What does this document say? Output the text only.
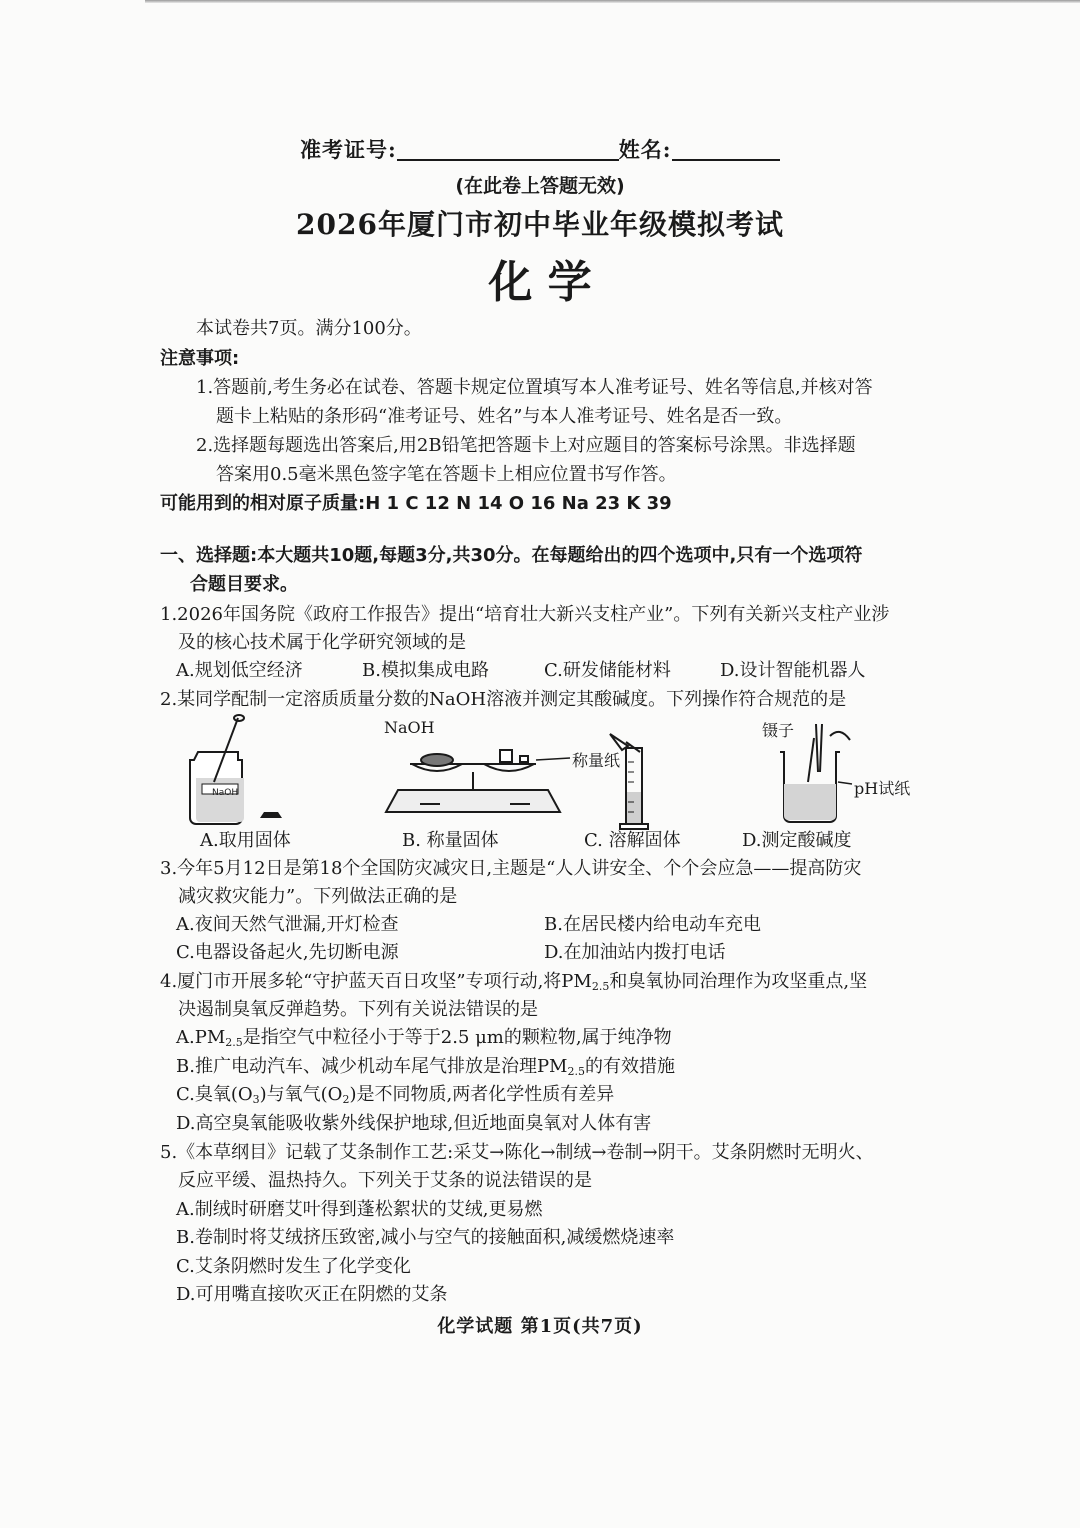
准考证号:	姓名:
(在此卷上答题无效)
2026年厦门市初中毕业年级模拟考试
化 学
本试卷共7页。满分100分。
注意事项:
1.答题前,考生务必在试卷、答题卡规定位置填写本人准考证号、姓名等信息,并核对答
题卡上粘贴的条形码“准考证号、姓名”与本人准考证号、姓名是否一致。
2.选择题每题选出答案后,用2B铅笔把答题卡上对应题目的答案标号涂黑。非选择题
答案用0.5毫米黑色签字笔在答题卡上相应位置书写作答。
可能用到的相对原子质量:H 1 C 12 N 14 O 16 Na 23 K 39
一、选择题:本大题共10题,每题3分,共30分。在每题给出的四个选项中,只有一个选项符
合题目要求。
1.2026年国务院《政府工作报告》提出“培育壮大新兴支柱产业”。下列有关新兴支柱产业涉
及的核心技术属于化学研究领域的是
A.规划低空经济	B.模拟集成电路	C.研发储能材料	D.设计智能机器人
2.某同学配制一定溶质质量分数的NaOH溶液并测定其酸碱度。下列操作符合规范的是
NaOH
NaOH
称量纸
镊子
pH试纸
A.取用固体	B. 称量固体	C. 溶解固体	D.测定酸碱度
3.今年5月12日是第18个全国防灾减灾日,主题是“人人讲安全、个个会应急——提高防灾
减灾救灾能力”。下列做法正确的是
A.夜间天然气泄漏,开灯检查	B.在居民楼内给电动车充电
C.电器设备起火,先切断电源	D.在加油站内拨打电话
4.厦门市开展多轮“守护蓝天百日攻坚”专项行动,将$PM_{2.5}$和臭氧协同治理作为攻坚重点,坚
决遏制臭氧反弹趋势。下列有关说法错误的是
$A.PM_{2.5}$是指空气中粒径小于等于2.5 μm的颗粒物,属于纯净物
B.推广电动汽车、减少机动车尾气排放是治理$PM_{2.5}$的有效措施
C.臭氧$(O_3)$与氧气$(O_2)$是不同物质,两者化学性质有差异
D.高空臭氧能吸收紫外线保护地球,但近地面臭氧对人体有害
5.《本草纲目》记载了艾条制作工艺:采艾→陈化→制绒→卷制→阴干。艾条阴燃时无明火、
反应平缓、温热持久。下列关于艾条的说法错误的是
A.制绒时研磨艾叶得到蓬松絮状的艾绒,更易燃
B.卷制时将艾绒挤压致密,减小与空气的接触面积,减缓燃烧速率
C.艾条阴燃时发生了化学变化
D.可用嘴直接吹灭正在阴燃的艾条
化学试题 第1页(共7页)
